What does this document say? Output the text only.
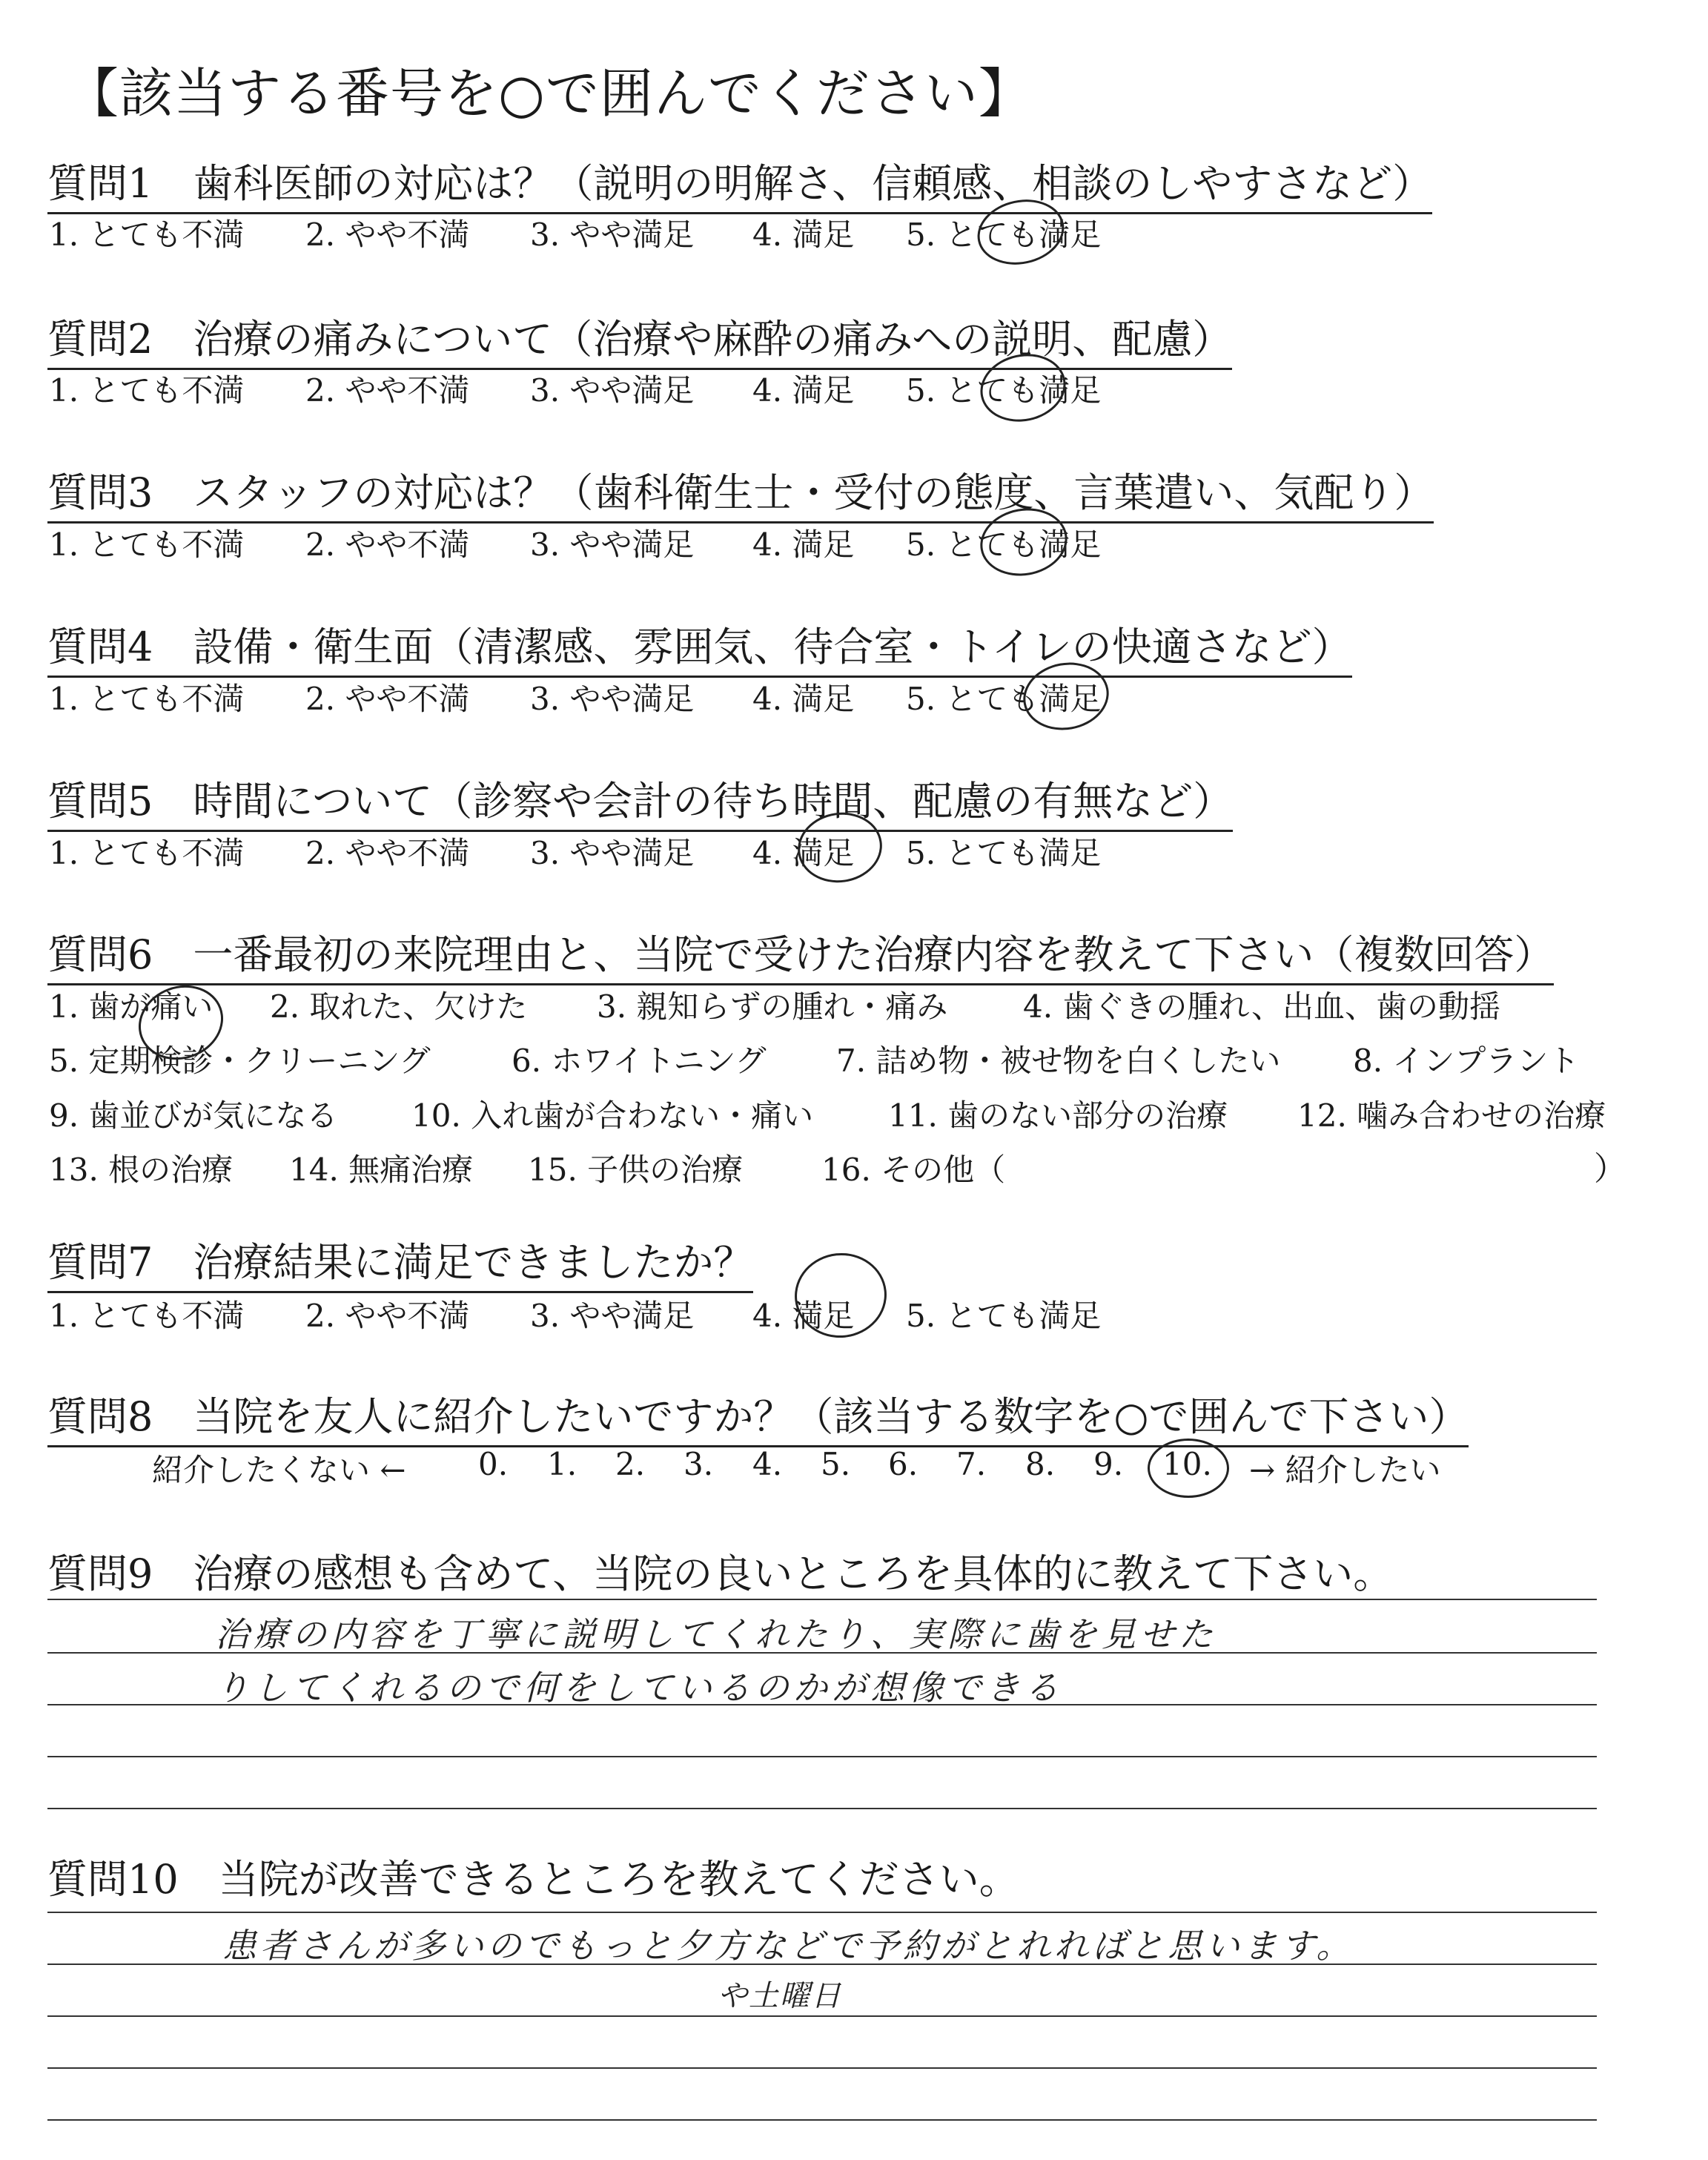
【該当する番号を○で囲んでください】
質問1　歯科医師の対応は？（説明の明解さ、信頼感、相談のしやすさなど）
1. とても不満 2. やや不満 3. やや満足 4. 満足 5. とても満足
質問2　治療の痛みについて（治療や麻酔の痛みへの説明、配慮）
1. とても不満 2. やや不満 3. やや満足 4. 満足 5. とても満足
質問3　スタッフの対応は？（歯科衛生士・受付の態度、言葉遣い、気配り）
1. とても不満 2. やや不満 3. やや満足 4. 満足 5. とても満足
質問4　設備・衛生面（清潔感、雰囲気、待合室・トイレの快適さなど）
1. とても不満 2. やや不満 3. やや満足 4. 満足 5. とても満足
質問5　時間について（診察や会計の待ち時間、配慮の有無など）
1. とても不満 2. やや不満 3. やや満足 4. 満足 5. とても満足
質問6　一番最初の来院理由と、当院で受けた治療内容を教えて下さい（複数回答）
1. 歯が痛い 2. 取れた、欠けた 3. 親知らずの腫れ・痛み 4. 歯ぐきの腫れ、出血、歯の動揺
5. 定期検診・クリーニング	6. ホワイトニング 7. 詰め物・被せ物を白くしたい 8. インプラント
9. 歯並びが気になる 10. 入れ歯が合わない・痛い 11. 歯のない部分の治療 12. 噛み合わせの治療
13. 根の治療 14. 無痛治療 15. 子供の治療	16. その他（	）
質問7　治療結果に満足できましたか？
1. とても不満 2. やや不満 3. やや満足 4. 満足 5. とても満足
質問8　当院を友人に紹介したいですか？（該当する数字を○で囲んで下さい）
紹介したくない ← 0. 1. 2. 3. 4. 5. 6. 7. 8. 9. 10. → 紹介したい
質問9　治療の感想も含めて、当院の良いところを具体的に教えて下さい。
治療の内容を丁寧に説明してくれたり、実際に歯を見せた
りしてくれるので何をしているのかが想像できる
質問10　当院が改善できるところを教えてください。
患者さんが多いのでもっと夕方などで予約がとれればと思います。
や土曜日
